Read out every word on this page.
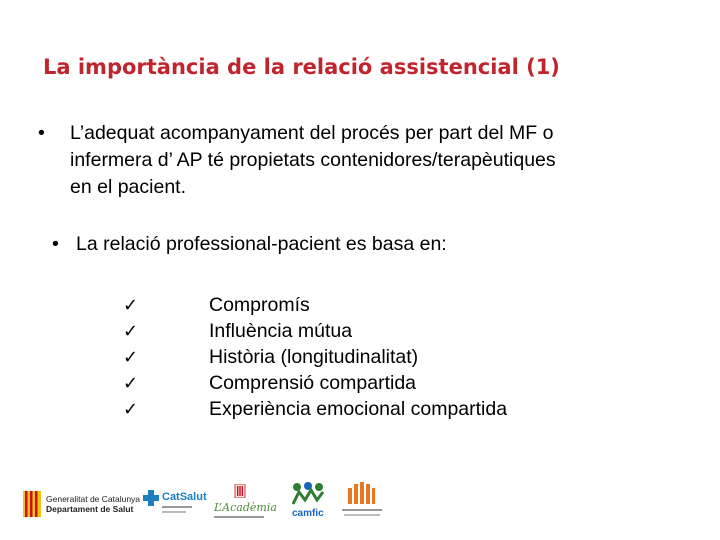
La importància de la relació assistencial (1)
•	L’adequat acompanyament del procés per part del MF o
infermera d’ AP té propietats contenidores/terapèutiques
en el pacient.
• La relació professional-pacient es basa en:
✓	Compromís
✓	Influència mútua
✓	Història (longitudinalitat)
✓	Comprensió compartida
✓	Experiència emocional compartida
Generalitat de Catalunya
Departament de Salut
CatSalut
L’Acadèmia camfic
